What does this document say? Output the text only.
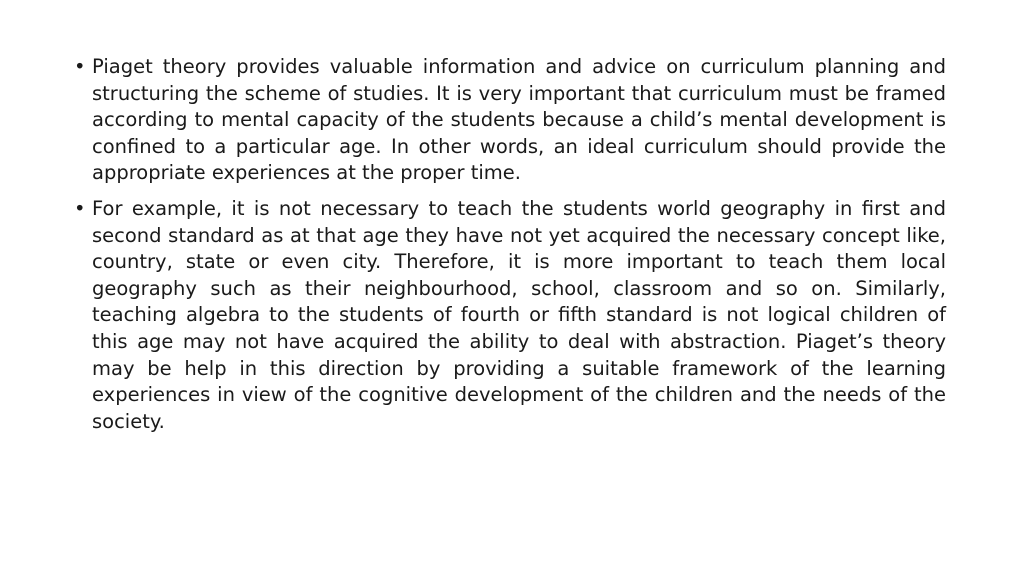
• Piaget theory provides valuable information and advice on curriculum planning and structuring the scheme of studies. It is very important that curriculum must be framed according to mental capacity of the students because a child’s mental development is confined to a particular age. In other words, an ideal curriculum should provide the appropriate experiences at the proper time.
• For example, it is not necessary to teach the students world geography in first and second standard as at that age they have not yet acquired the necessary concept like, country, state or even city. Therefore, it is more important to teach them local geography such as their neighbourhood, school, classroom and so on. Similarly, teaching algebra to the students of fourth or fifth standard is not logical children of this age may not have acquired the ability to deal with abstraction. Piaget’s theory may be help in this direction by providing a suitable framework of the learning experiences in view of the cognitive development of the children and the needs of the society.
